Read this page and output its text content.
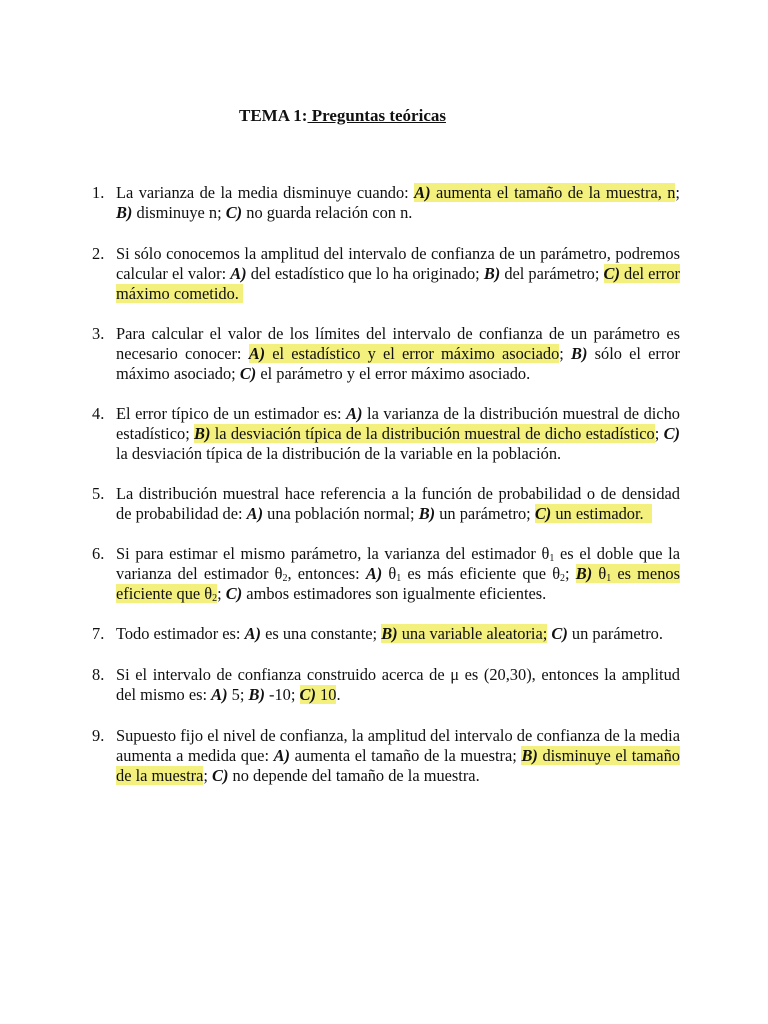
TEMA 1: Preguntas teóricas
1. La varianza de la media disminuye cuando: A) aumenta el tamaño de la muestra, n; B) disminuye n; C) no guarda relación con n.
2. Si sólo conocemos la amplitud del intervalo de confianza de un parámetro, podremos calcular el valor: A) del estadístico que lo ha originado; B) del parámetro; C) del error máximo cometido.
3. Para calcular el valor de los límites del intervalo de confianza de un parámetro es necesario conocer: A) el estadístico y el error máximo asociado; B) sólo el error máximo asociado; C) el parámetro y el error máximo asociado.
4. El error típico de un estimador es: A) la varianza de la distribución muestral de dicho estadístico; B) la desviación típica de la distribución muestral de dicho estadístico; C) la desviación típica de la distribución de la variable en la población.
5. La distribución muestral hace referencia a la función de probabilidad o de densidad de probabilidad de: A) una población normal; B) un parámetro; C) un estimador.
6. Si para estimar el mismo parámetro, la varianza del estimador $\theta_1$ es el doble que la varianza del estimador $\theta_2$, entonces: A) $\theta_1$ es más eficiente que $\theta_2$; B) $\theta_1$ es menos eficiente que $\theta_2$; C) ambos estimadores son igualmente eficientes.
7. Todo estimador es: A) es una constante; B) una variable aleatoria; C) un parámetro.
8. Si el intervalo de confianza construido acerca de μ es (20,30), entonces la amplitud del mismo es: A) 5; B) -10; C) 10.
9. Supuesto fijo el nivel de confianza, la amplitud del intervalo de confianza de la media aumenta a medida que: A) aumenta el tamaño de la muestra; B) disminuye el tamaño de la muestra; C) no depende del tamaño de la muestra.
